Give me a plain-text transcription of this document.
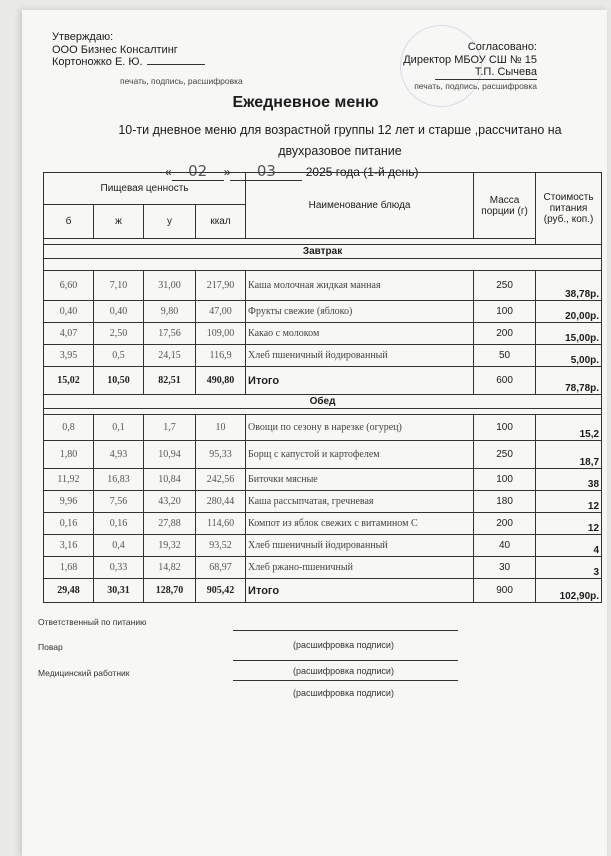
Утверждаю:
ООО Бизнес Консалтинг
Кортоножко Е. Ю.
печать, подпись, расшифровка
Согласовано:
Директор МБОУ СШ № 15
Т.П. Сычева
печать, подпись, расшифровка
Ежедневное меню
10-ти дневное меню для возрастной группы 12 лет и старше ,рассчитано на двухразовое питание
« 02 » 03 2025 года (1-й день)
Пищевая ценность				Наименование блюда	Масса порции (г)	Стоимость питания (руб., коп.)
б	ж	у	ккал			

Завтрак						

6,60	7,10	31,00	217,90	Каша молочная жидкая манная	250	38,78р.
0,40	0,40	9,80	47,00	Фрукты свежие (яблоко)	100	20,00р.
4,07	2,50	17,56	109,00	Какао с молоком	200	15,00р.
3,95	0,5	24,15	116,9	Хлеб пшеничный йодированный	50	5,00р.
15,02	10,50	82,51	490,80	Итого	600	78,78р.
Обед						

0,8	0,1	1,7	10	Овощи по сезону в нарезке (огурец)	100	15,2
1,80	4,93	10,94	95,33	Борщ с капустой и картофелем	250	18,7
11,92	16,83	10,84	242,56	Биточки мясные	100	38
9,96	7,56	43,20	280,44	Каша рассыпчатая, гречневая	180	12
0,16	0,16	27,88	114,60	Компот из яблок свежих с витамином С	200	12
3,16	0,4	19,32	93,52	Хлеб пшеничный йодированный	40	4
1,68	0,33	14,82	68,97	Хлеб ржано-пшеничный	30	3
29,48	30,31	128,70	905,42	Итого	900	102,90р.
Ответственный по питанию
(расшифровка подписи)
Повар
(расшифровка подписи)
Медицинский работник
(расшифровка подписи)
